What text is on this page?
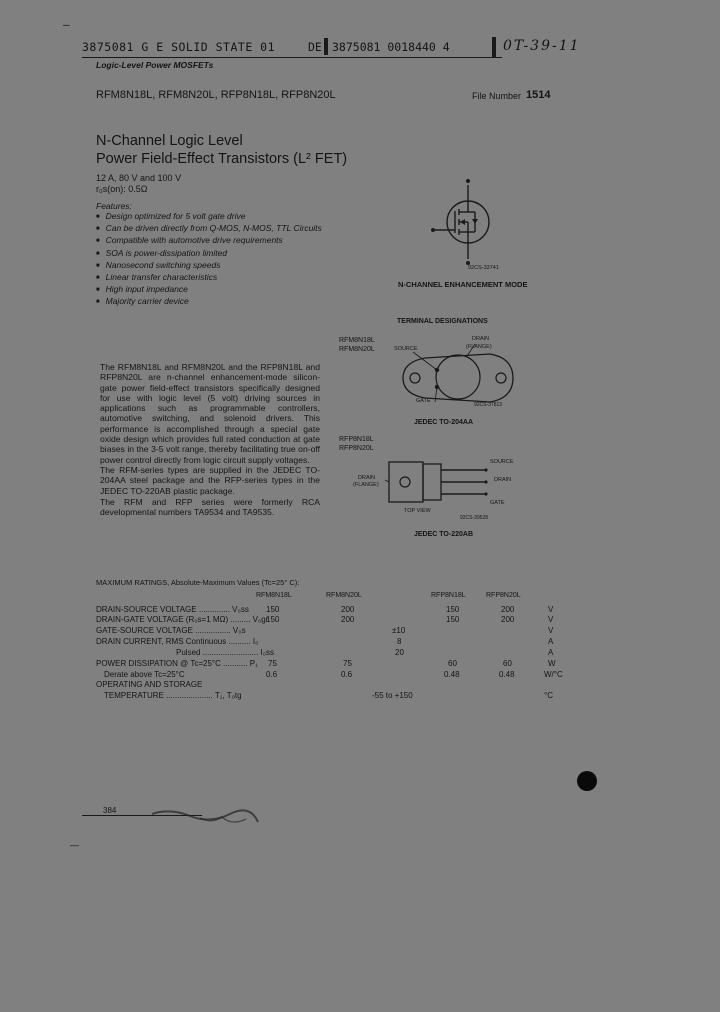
—
3875081 G E SOLID STATE 01	DE 3875081 0018440 4	0T-39-11
Logic-Level Power MOSFETs
RFM8N18L, RFM8N20L, RFP8N18L, RFP8N20L	File Number 1514
N-Channel Logic Level
Power Field-Effect Transistors (L² FET)
12 A, 80 V and 100 V
r₀s(on): 0.5Ω
Features:
■ Design optimized for 5 volt gate drive
■ Can be driven directly from Q-MOS, N-MOS, TTL Circuits
■ Compatible with automotive drive requirements
■ SOA is power-dissipation limited
■ Nanosecond switching speeds
■ Linear transfer characteristics
■ High input impedance
■ Majority carrier device
92CS-33741
N-CHANNEL ENHANCEMENT MODE
TERMINAL DESIGNATIONS
RFM8N18L
RFM8N20L	SOURCE
DRAIN
(FLANGE)
GATE
92CS-37813
JEDEC TO-204AA
RFP8N18L
RFP8N20L
SOURCE
DRAIN
(FLANGE)
DRAIN
GATE
TOP VIEW
92CS-39528
JEDEC TO-220AB
The RFM8N18L and RFM8N20L and the RFP8N18L and RFP8N20L are n-channel enhancement-mode silicon-gate power field-effect transistors specifically designed for use with logic level (5 volt) driving sources in applications such as programmable controllers, automotive switching, and solenoid drivers. This performance is accomplished through a special gate oxide design which provides full rated conduction at gate biases in the 3-5 volt range, thereby facilitating true on-off power control directly from logic circuit supply voltages.
The RFM-series types are supplied in the JEDEC TO-204AA steel package and the RFP-series types in the JEDEC TO-220AB plastic package.
The RFM and RFP series were formerly RCA developmental numbers TA9534 and TA9535.
MAXIMUM RATINGS, Absolute-Maximum Values (Tc=25° C):
RFM8N18L	RFM8N20L	RFP8N18L	RFP8N20L
DRAIN-SOURCE VOLTAGE .............. V₀ss 150	200	150	200	V
DRAIN-GATE VOLTAGE (R₀s=1 MΩ) ......... V₀gr
150	200	150	200	V
GATE-SOURCE VOLTAGE ................ V₀s	±10	V
DRAIN CURRENT, RMS Continuous .......... I₀	8	A
Pulsed ......................... I₀ss	20	A
POWER DISSIPATION @ Tc=25°C ........... P₁ 75	75	60	60	W
Derate above Tc=25°C	0.6	0.6	0.48	0.48	W/°C
OPERATING AND STORAGE
TEMPERATURE ..................... T₁, T₀tg	-55 to +150	°C
384
—
